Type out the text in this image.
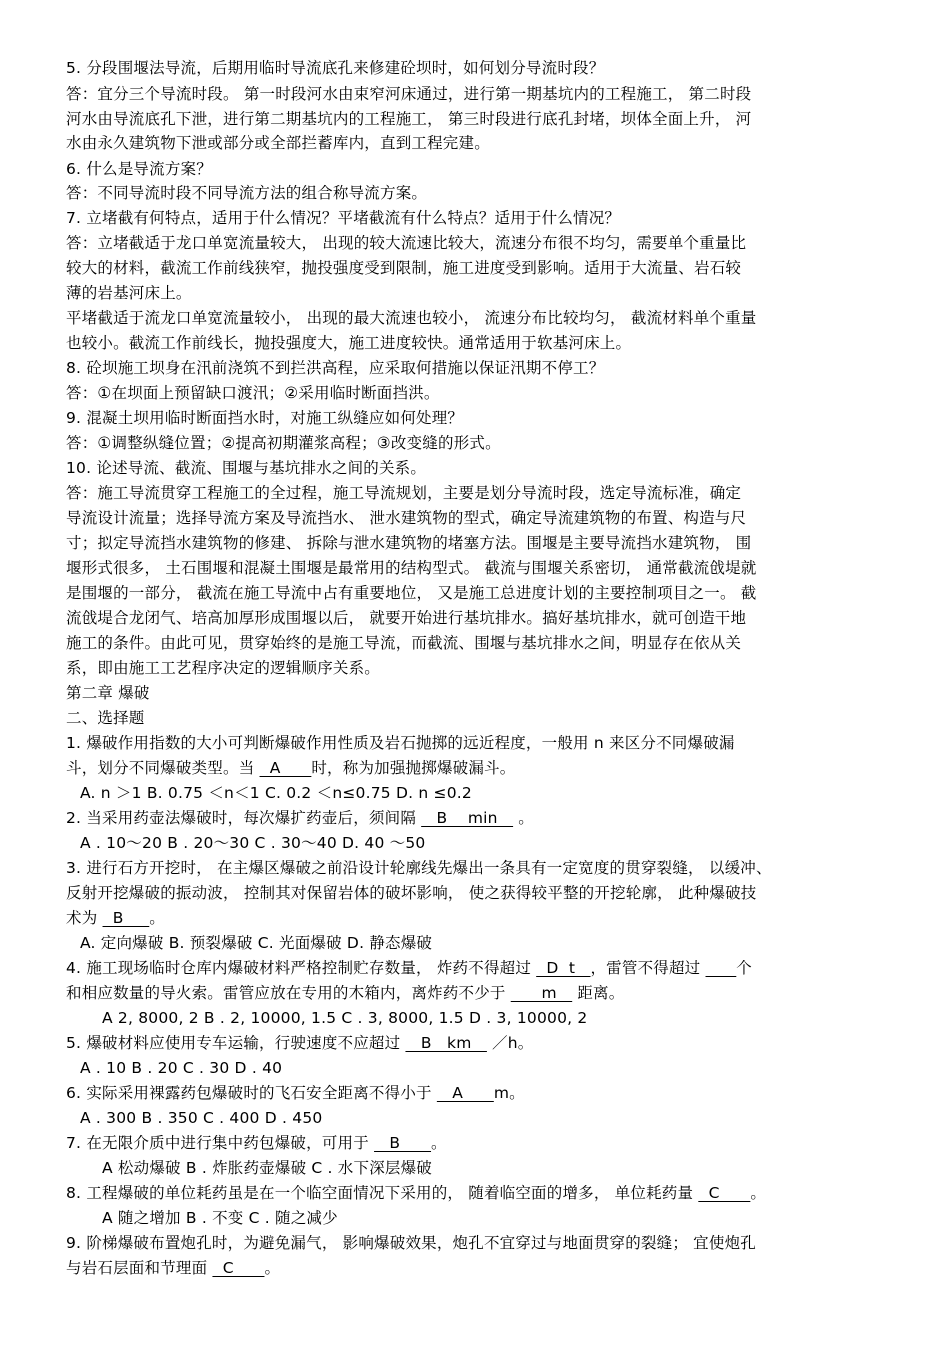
5. 分段围堰法导流，后期用临时导流底孔来修建砼坝时，如何划分导流时段？
答：宜分三个导流时段。 第一时段河水由束窄河床通过，进行第一期基坑内的工程施工， 第二时段
河水由导流底孔下泄，进行第二期基坑内的工程施工， 第三时段进行底孔封堵，坝体全面上升， 河
水由永久建筑物下泄或部分或全部拦蓄库内，直到工程完建。
6. 什么是导流方案？
答：不同导流时段不同导流方法的组合称导流方案。
7. 立堵截有何特点，适用于什么情况？平堵截流有什么特点？适用于什么情况？
答：立堵截适于龙口单宽流量较大， 出现的较大流速比较大，流速分布很不均匀，需要单个重量比
较大的材料，截流工作前线狭窄，抛投强度受到限制，施工进度受到影响。适用于大流量、岩石较
薄的岩基河床上。
平堵截适于流龙口单宽流量较小， 出现的最大流速也较小， 流速分布比较均匀， 截流材料单个重量
也较小。截流工作前线长，抛投强度大，施工进度较快。通常适用于软基河床上。
8. 砼坝施工坝身在汛前浇筑不到拦洪高程，应采取何措施以保证汛期不停工？
答：①在坝面上预留缺口渡汛；②采用临时断面挡洪。
9. 混凝土坝用临时断面挡水时，对施工纵缝应如何处理？
答：①调整纵缝位置；②提高初期灌浆高程；③改变缝的形式。
10. 论述导流、截流、围堰与基坑排水之间的关系。
答：施工导流贯穿工程施工的全过程，施工导流规划，主要是划分导流时段，选定导流标准，确定
导流设计流量；选择导流方案及导流挡水、 泄水建筑物的型式，确定导流建筑物的布置、构造与尺
寸；拟定导流挡水建筑物的修建、 拆除与泄水建筑物的堵塞方法。围堰是主要导流挡水建筑物， 围
堰形式很多， 土石围堰和混凝土围堰是最常用的结构型式。 截流与围堰关系密切， 通常截流戗堤就
是围堰的一部分， 截流在施工导流中占有重要地位， 又是施工总进度计划的主要控制项目之一。 截
流戗堤合龙闭气、培高加厚形成围堰以后， 就要开始进行基坑排水。搞好基坑排水，就可创造干地
施工的条件。由此可见，贯穿始终的是施工导流，而截流、围堰与基坑排水之间，明显存在依从关
系，即由施工工艺程序决定的逻辑顺序关系。
第二章 爆破
二、选择题
1. 爆破作用指数的大小可判断爆破作用性质及岩石抛掷的远近程度，一般用 n 来区分不同爆破漏
斗，划分不同爆破类型。当   A      时，称为加强抛掷爆破漏斗。
A. n ＞1 B. 0.75 ＜n＜1 C. 0.2 ＜n≤0.75 D. n ≤0.2
2. 当采用药壶法爆破时，每次爆扩药壶后，须间隔    B    min    。
A . 10～20 B . 20～30 C . 30～40 D. 40 ～50
3. 进行石方开挖时， 在主爆区爆破之前沿设计轮廓线先爆出一条具有一定宽度的贯穿裂缝， 以缓冲、
反射开挖爆破的振动波， 控制其对保留岩体的破坏影响， 使之获得较平整的开挖轮廓， 此种爆破技
术为   B     。
A. 定向爆破 B. 预裂爆破 C. 光面爆破 D. 静态爆破
4. 施工现场临时仓库内爆破材料严格控制贮存数量， 炸药不得超过   D  t   ，雷管不得超过       个
和相应数量的导火索。雷管应放在专用的木箱内，离炸药不少于       m    距离。
A 2, 8000, 2 B . 2, 10000, 1.5 C . 3, 8000, 1.5 D . 3, 10000, 2
5. 爆破材料应使用专车运输，行驶速度不应超过    B   km    ／h。
A . 10 B . 20 C . 30 D . 40
6. 实际采用裸露药包爆破时的飞石安全距离不得小于    A      m。
A . 300 B . 350 C . 400 D . 450
7. 在无限介质中进行集中药包爆破，可用于    B      。
A 松动爆破 B . 炸胀药壶爆破 C . 水下深层爆破
8. 工程爆破的单位耗药虽是在一个临空面情况下采用的， 随着临空面的增多， 单位耗药量   C      。
A 随之增加 B . 不变 C . 随之减少
9. 阶梯爆破布置炮孔时，为避免漏气， 影响爆破效果，炮孔不宜穿过与地面贯穿的裂缝； 宜使炮孔
与岩石层面和节理面   C      。
